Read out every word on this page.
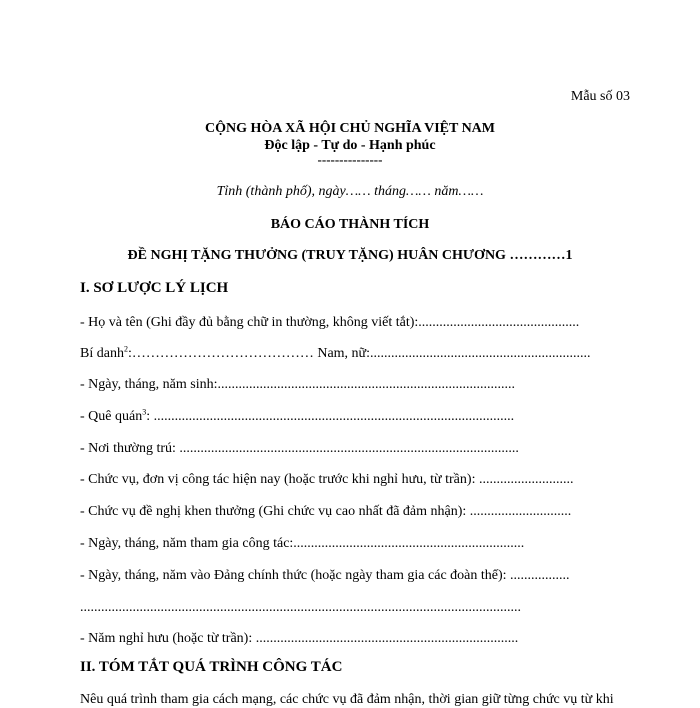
Mẫu số 03
CỘNG HÒA XÃ HỘI CHỦ NGHĨA VIỆT NAM
Độc lập - Tự do - Hạnh phúc
---------------
Tỉnh (thành phố), ngày…… tháng…… năm……
BÁO CÁO THÀNH TÍCH
ĐỀ NGHỊ TẶNG THƯỞNG (TRUY TẶNG) HUÂN CHƯƠNG …………1
I. SƠ LƯỢC LÝ LỊCH
- Họ và tên (Ghi đầy đủ bằng chữ in thường, không viết tắt):..............................................
Bí danh$^2$:………………………………… Nam, nữ:...............................................................
- Ngày, tháng, năm sinh:.....................................................................................
- Quê quán$^3$: .......................................................................................................
- Nơi thường trú: .................................................................................................
- Chức vụ, đơn vị công tác hiện nay (hoặc trước khi nghỉ hưu, từ trần): ...........................
- Chức vụ đề nghị khen thưởng (Ghi chức vụ cao nhất đã đảm nhận): .............................
- Ngày, tháng, năm tham gia công tác:..................................................................
- Ngày, tháng, năm vào Đảng chính thức (hoặc ngày tham gia các đoàn thể): .................
..............................................................................................................................
- Năm nghỉ hưu (hoặc từ trần): ...........................................................................
II. TÓM TẮT QUÁ TRÌNH CÔNG TÁC
Nêu quá trình tham gia cách mạng, các chức vụ đã đảm nhận, thời gian giữ từng chức vụ từ khi
